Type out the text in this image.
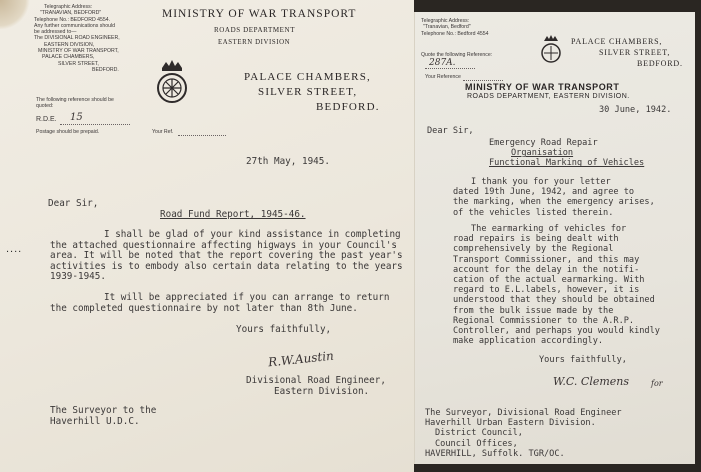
Telegraphic Address:
"TRANAVIAN, BEDFORD"
Telephone No.: BEDFORD 4554.
Any further communications should
be addressed to—
The DIVISIONAL ROAD ENGINEER,
EASTERN DIVISION,
MINISTRY OF WAR TRANSPORT,
PALACE CHAMBERS,
SILVER STREET,
BEDFORD.
MINISTRY OF WAR TRANSPORT
ROADS DEPARTMENT
EASTERN DIVISION
PALACE CHAMBERS,
SILVER STREET,
BEDFORD.
The following reference should be
quoted:
R.D.E. 15
Postage should be prepaid.	Your Ref.
27th May, 1945.
Dear Sir,
Road Fund Report, 1945-46.
I shall be glad of your kind assistance in completing
the attached questionnaire affecting higways in your Council's
area. It will be noted that the report covering the past year's
activities is to embody also certain data relating to the years
1939-1945.
It will be appreciated if you can arrange to return
the completed questionnaire by not later than 8th June.
Yours faithfully,
R.W.Austin
Divisional Road Engineer,
Eastern Division.
The Surveyor to the
Haverhill U.D.C.
....
Telegraphic Address:
"Tranavian, Bedford"
Telephone No.: Bedford 4554
PALACE CHAMBERS,
SILVER STREET,
BEDFORD.
Quote the following Reference:
287A.
Your Reference
MINISTRY OF WAR TRANSPORT
ROADS DEPARTMENT, EASTERN DIVISION.
30 June, 1942.
Dear Sir,
Emergency Road Repair
Organisation
Functional Marking of Vehicles
I thank you for your letter
dated 19th June, 1942, and agree to
the marking, when the emergency arises,
of the vehicles listed therein.
The earmarking of vehicles for
road repairs is being dealt with
comprehensively by the Regional
Transport Commissioner, and this may
account for the delay in the notifi-
cation of the actual earmarking. With
regard to E.L.labels, however, it is
understood that they should be obtained
from the bulk issue made by the
Regional Commissioner to the A.R.P.
Controller, and perhaps you would kindly
make application accordingly.
Yours faithfully,
W.C. Clemens	for
The Surveyor, Divisional Road Engineer
Haverhill Urban Eastern Division.
District Council,
Council Offices,
HAVERHILL, Suffolk. TGR/OC.
